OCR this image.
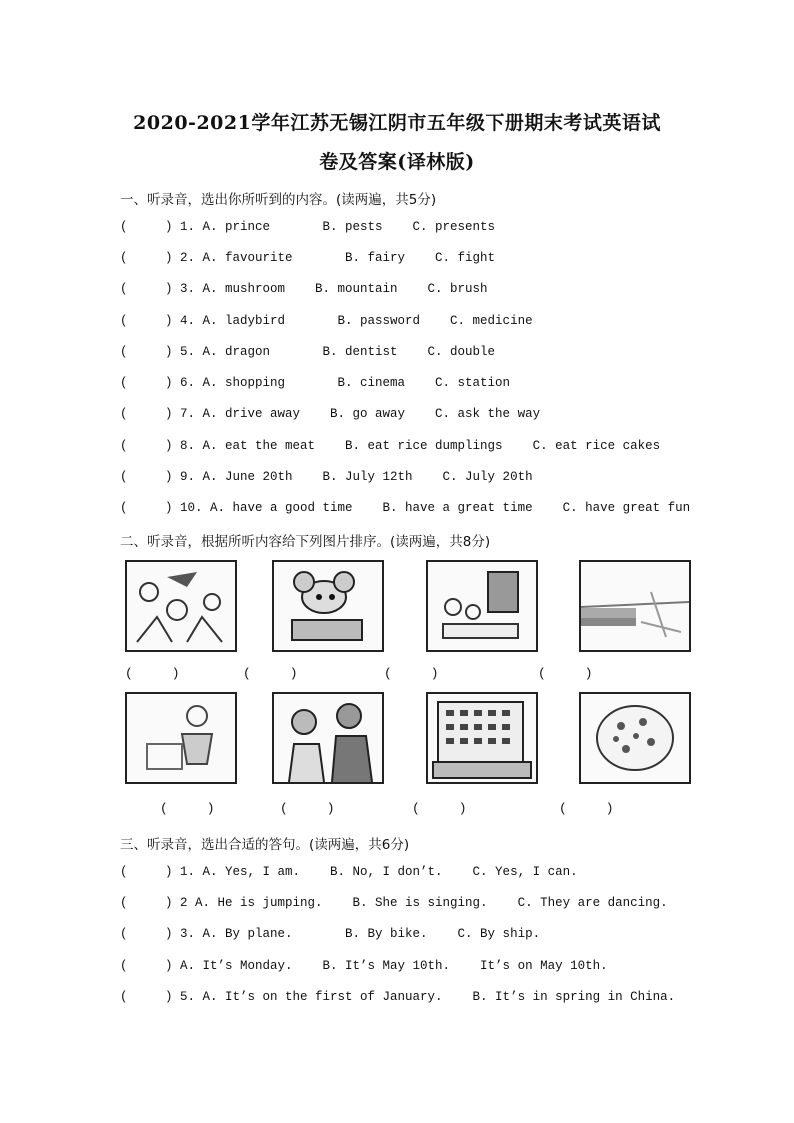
2020-2021学年江苏无锡江阴市五年级下册期末考试英语试
卷及答案(译林版)
一、听录音，选出你所听到的内容。(读两遍，共5分)
(     ) 1. A. prince       B. pests    C. presents
(     ) 2. A. favourite       B. fairy    C. fight
(     ) 3. A. mushroom    B. mountain    C. brush
(     ) 4. A. ladybird       B. password    C. medicine
(     ) 5. A. dragon       B. dentist    C. double
(     ) 6. A. shopping       B. cinema    C. station
(     ) 7. A. drive away    B. go away    C. ask the way
(     ) 8. A. eat the meat    B. eat rice dumplings    C. eat rice cakes
(     ) 9. A. June 20th    B. July 12th    C. July 20th
(     ) 10. A. have a good time    B. have a great time    C. have great fun
二、听录音，根据所听内容给下列图片排序。(读两遍，共8分)
(     )	(     )	(     )	(     )
(     )	(     )	(     )	(     )
三、听录音，选出合适的答句。(读两遍，共6分)
(     ) 1. A. Yes, I am.    B. No, I don’t.    C. Yes, I can.
(     ) 2 A. He is jumping.    B. She is singing.    C. They are dancing.
(     ) 3. A. By plane.       B. By bike.    C. By ship.
(     ) A. It’s Monday.    B. It’s May 10th.    It’s on May 10th.
(     ) 5. A. It’s on the first of January.    B. It’s in spring in China.
